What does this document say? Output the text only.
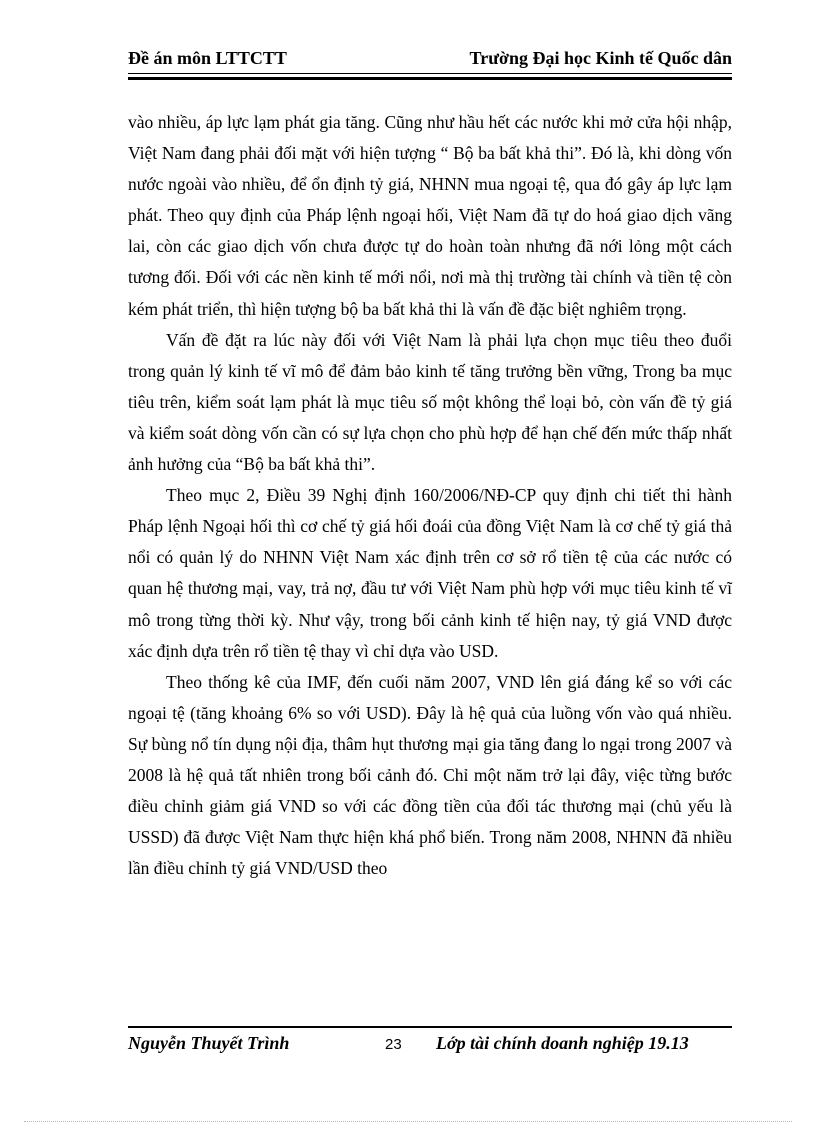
Đề án môn LTTCTT	Trường Đại học Kinh tế Quốc dân

vào nhiều, áp lực lạm phát gia tăng. Cũng như hầu hết các nước khi mở cửa hội nhập, Việt Nam đang phải đối mặt với hiện tượng “ Bộ ba bất khả thi”. Đó là, khi dòng vốn nước ngoài vào nhiều, để ổn định tỷ giá, NHNN mua ngoại tệ, qua đó gây áp lực lạm phát. Theo quy định của Pháp lệnh ngoại hối, Việt Nam đã tự do hoá giao dịch vãng lai, còn các giao dịch vốn chưa được tự do hoàn toàn nhưng đã nới lỏng một cách tương đối. Đối với các nền kinh tế mới nổi, nơi mà thị trường tài chính và tiền tệ còn kém phát triển, thì hiện tượng bộ ba bất khả thi là vấn đề đặc biệt nghiêm trọng.

Vấn đề đặt ra lúc này đối với Việt Nam là phải lựa chọn mục tiêu theo đuổi trong quản lý kinh tế vĩ mô để đảm bảo kinh tế tăng trưởng bền vững, Trong ba mục tiêu trên, kiểm soát lạm phát là mục tiêu số một không thể loại bỏ, còn vấn đề tỷ giá và kiểm soát dòng vốn cần có sự lựa chọn cho phù hợp để hạn chế đến mức thấp nhất ảnh hưởng của “Bộ ba bất khả thi”.

Theo mục 2, Điều 39 Nghị định 160/2006/NĐ-CP quy định chi tiết thi hành Pháp lệnh Ngoại hối thì cơ chế tỷ giá hối đoái của đồng Việt Nam là cơ chế tỷ giá thả nổi có quản lý do NHNN Việt Nam xác định trên cơ sở rổ tiền tệ của các nước có quan hệ thương mại, vay, trả nợ, đầu tư với Việt Nam phù hợp với mục tiêu kinh tế vĩ mô trong từng thời kỳ. Như vậy, trong bối cảnh kinh tế hiện nay, tỷ giá VND được xác định dựa trên rổ tiền tệ thay vì chỉ dựa vào USD.

Theo thống kê của IMF, đến cuối năm 2007, VND lên giá đáng kể so với các ngoại tệ (tăng khoảng 6% so với USD). Đây là hệ quả của luồng vốn vào quá nhiều. Sự bùng nổ tín dụng nội địa, thâm hụt thương mại gia tăng đang lo ngại trong 2007 và 2008 là hệ quả tất nhiên trong bối cảnh đó. Chỉ một năm trở lại đây, việc từng bước điều chỉnh giảm giá VND so với các đồng tiền của đối tác thương mại (chủ yếu là USSD) đã được Việt Nam thực hiện khá phổ biến. Trong năm 2008, NHNN đã nhiều lần điều chỉnh tỷ giá VND/USD theo

Nguyễn Thuyết Trình	23 Lớp tài chính doanh nghiệp 19.13
